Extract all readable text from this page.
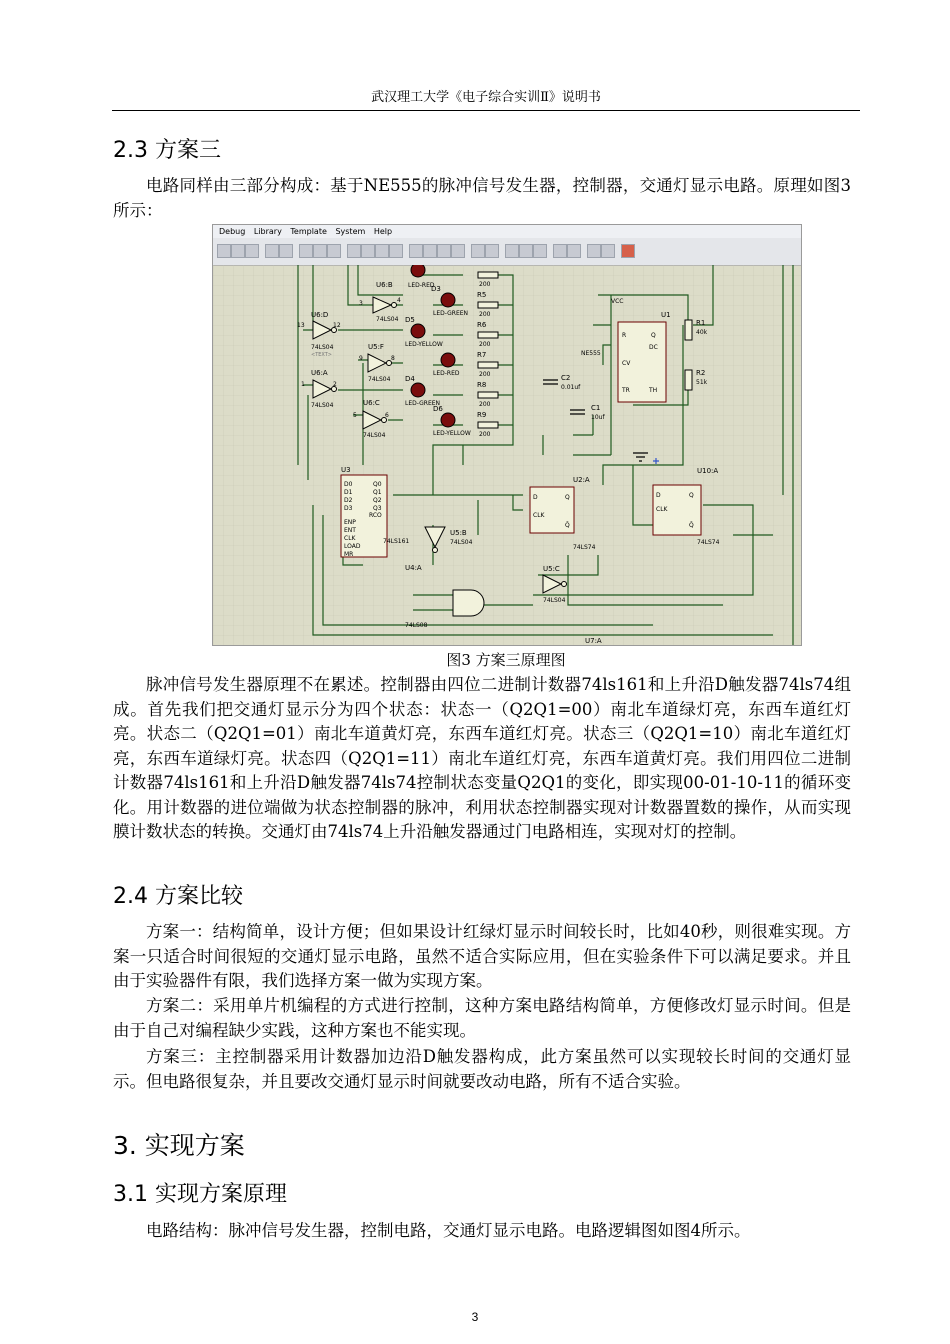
武汉理工大学《电子综合实训Ⅱ》说明书
2.3 方案三

电路同样由三部分构成：基于NE555的脉冲信号发生器，控制器，交通灯显示电路。原理如图3所示：

Debug Library Template System Help
U6:B
74LS04
U6:D
74LS04
<TEXT>
U5:F
74LS04
U6:A
74LS04	U6:C
74LS04
13	12
9	8
1	2
5	6
3	4
LED-RED
D3
LED-GREEN
D5
LED-YELLOW
LED-RED
D4
LED-GREEN
D6
LED-YELLOW
200
R5
200
R6
200
R7
200
R8
200
R9
200
U1
VCC
NE555
R
CV
TR
Q
DC
TH
R1
40k
R2
51k
C2
0.01uf
C1
10uf
U3
D0
D1
D2
D3
ENP
ENT
CLK
LOAD
MR
Q0
Q1
Q2
Q3
RCO
74LS161
U5:B
74LS04
U4:A
74LS08
U5:C
74LS04
U2:A
D	Q
CLK
Q̄
74LS74
U10:A
D	Q
CLK
Q̄
74LS74
U7:A
图3 方案三原理图

脉冲信号发生器原理不在累述。控制器由四位二进制计数器74ls161和上升沿D触发器74ls74组成。首先我们把交通灯显示分为四个状态：状态一（Q2Q1=00）南北车道绿灯亮，东西车道红灯亮。状态二（Q2Q1=01）南北车道黄灯亮，东西车道红灯亮。状态三（Q2Q1=10）南北车道红灯亮，东西车道绿灯亮。状态四（Q2Q1=11）南北车道红灯亮，东西车道黄灯亮。我们用四位二进制计数器74ls161和上升沿D触发器74ls74控制状态变量Q2Q1的变化，即实现00-01-10-11的循环变化。用计数器的进位端做为状态控制器的脉冲，利用状态控制器实现对计数器置数的操作，从而实现膜计数状态的转换。交通灯由74ls74上升沿触发器通过门电路相连，实现对灯的控制。

2.4 方案比较

方案一：结构简单，设计方便；但如果设计红绿灯显示时间较长时，比如40秒，则很难实现。方案一只适合时间很短的交通灯显示电路，虽然不适合实际应用，但在实验条件下可以满足要求。并且由于实验器件有限，我们选择方案一做为实现方案。

方案二：采用单片机编程的方式进行控制，这种方案电路结构简单，方便修改灯显示时间。但是由于自己对编程缺少实践，这种方案也不能实现。

方案三：主控制器采用计数器加边沿D触发器构成，此方案虽然可以实现较长时间的交通灯显示。但电路很复杂，并且要改交通灯显示时间就要改动电路，所有不适合实验。

3. 实现方案
3.1 实现方案原理

电路结构：脉冲信号发生器，控制电路，交通灯显示电路。电路逻辑图如图4所示。

3
